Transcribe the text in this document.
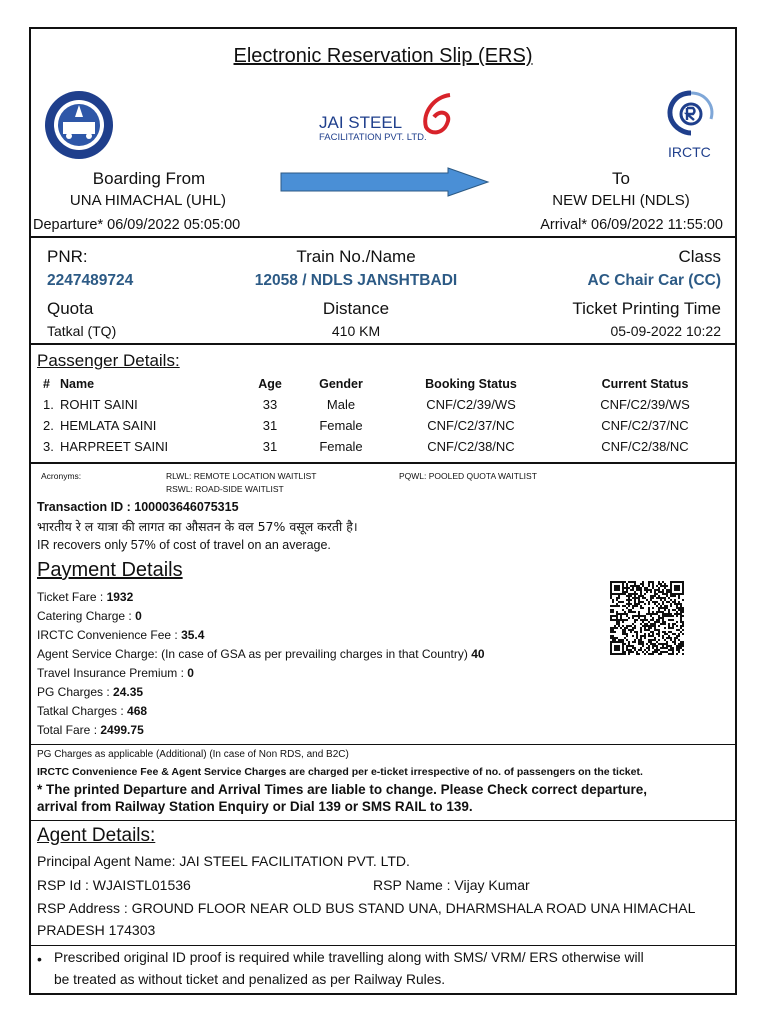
Electronic Reservation Slip (ERS)
JAI STEEL
FACILITATION PVT. LTD.
IRCTC
Boarding From
UNA HIMACHAL (UHL)
Departure* 06/09/2022 05:05:00
To
NEW DELHI (NDLS)
Arrival* 06/09/2022 11:55:00
PNR:
2247489724
Train No./Name
12058 / NDLS JANSHTBADI
Class
AC Chair Car (CC)
Quota
Tatkal (TQ)
Distance
410 KM
Ticket Printing Time
05-09-2022 10:22
Passenger Details:
# Name	Age	Gender	Booking Status	Current Status
1. ROHIT SAINI	33	Male	CNF/C2/39/WS	CNF/C2/39/WS
2. HEMLATA SAINI	31	Female	CNF/C2/37/NC	CNF/C2/37/NC
3. HARPREET SAINI	31	Female	CNF/C2/38/NC	CNF/C2/38/NC
Acronyms:	RLWL: REMOTE LOCATION WAITLIST
RSWL: ROAD-SIDE WAITLIST
PQWL: POOLED QUOTA WAITLIST
Transaction ID : 100003646075315
भारतीय रे ल यात्रा की लागत का औसतन के वल 57% वसूल करती है।
IR recovers only 57% of cost of travel on an average.
Payment Details
Ticket Fare : 1932
Catering Charge : 0
IRCTC Convenience Fee : 35.4
Agent Service Charge: (In case of GSA as per prevailing charges in that Country) 40
Travel Insurance Premium : 0
PG Charges : 24.35
Tatkal Charges : 468
Total Fare : 2499.75
PG Charges as applicable (Additional) (In case of Non RDS, and B2C)
IRCTC Convenience Fee & Agent Service Charges are charged per e-ticket irrespective of no. of passengers on the ticket.
* The printed Departure and Arrival Times are liable to change. Please Check correct departure,
arrival from Railway Station Enquiry or Dial 139 or SMS RAIL to 139.
Agent Details:
Principal Agent Name: JAI STEEL FACILITATION PVT. LTD.
RSP Id : WJAISTL01536	RSP Name : Vijay Kumar
RSP Address : GROUND FLOOR NEAR OLD BUS STAND UNA, DHARMSHALA ROAD UNA HIMACHAL
PRADESH 174303
• Prescribed original ID proof is required while travelling along with SMS/ VRM/ ERS otherwise will
be treated as without ticket and penalized as per Railway Rules.
